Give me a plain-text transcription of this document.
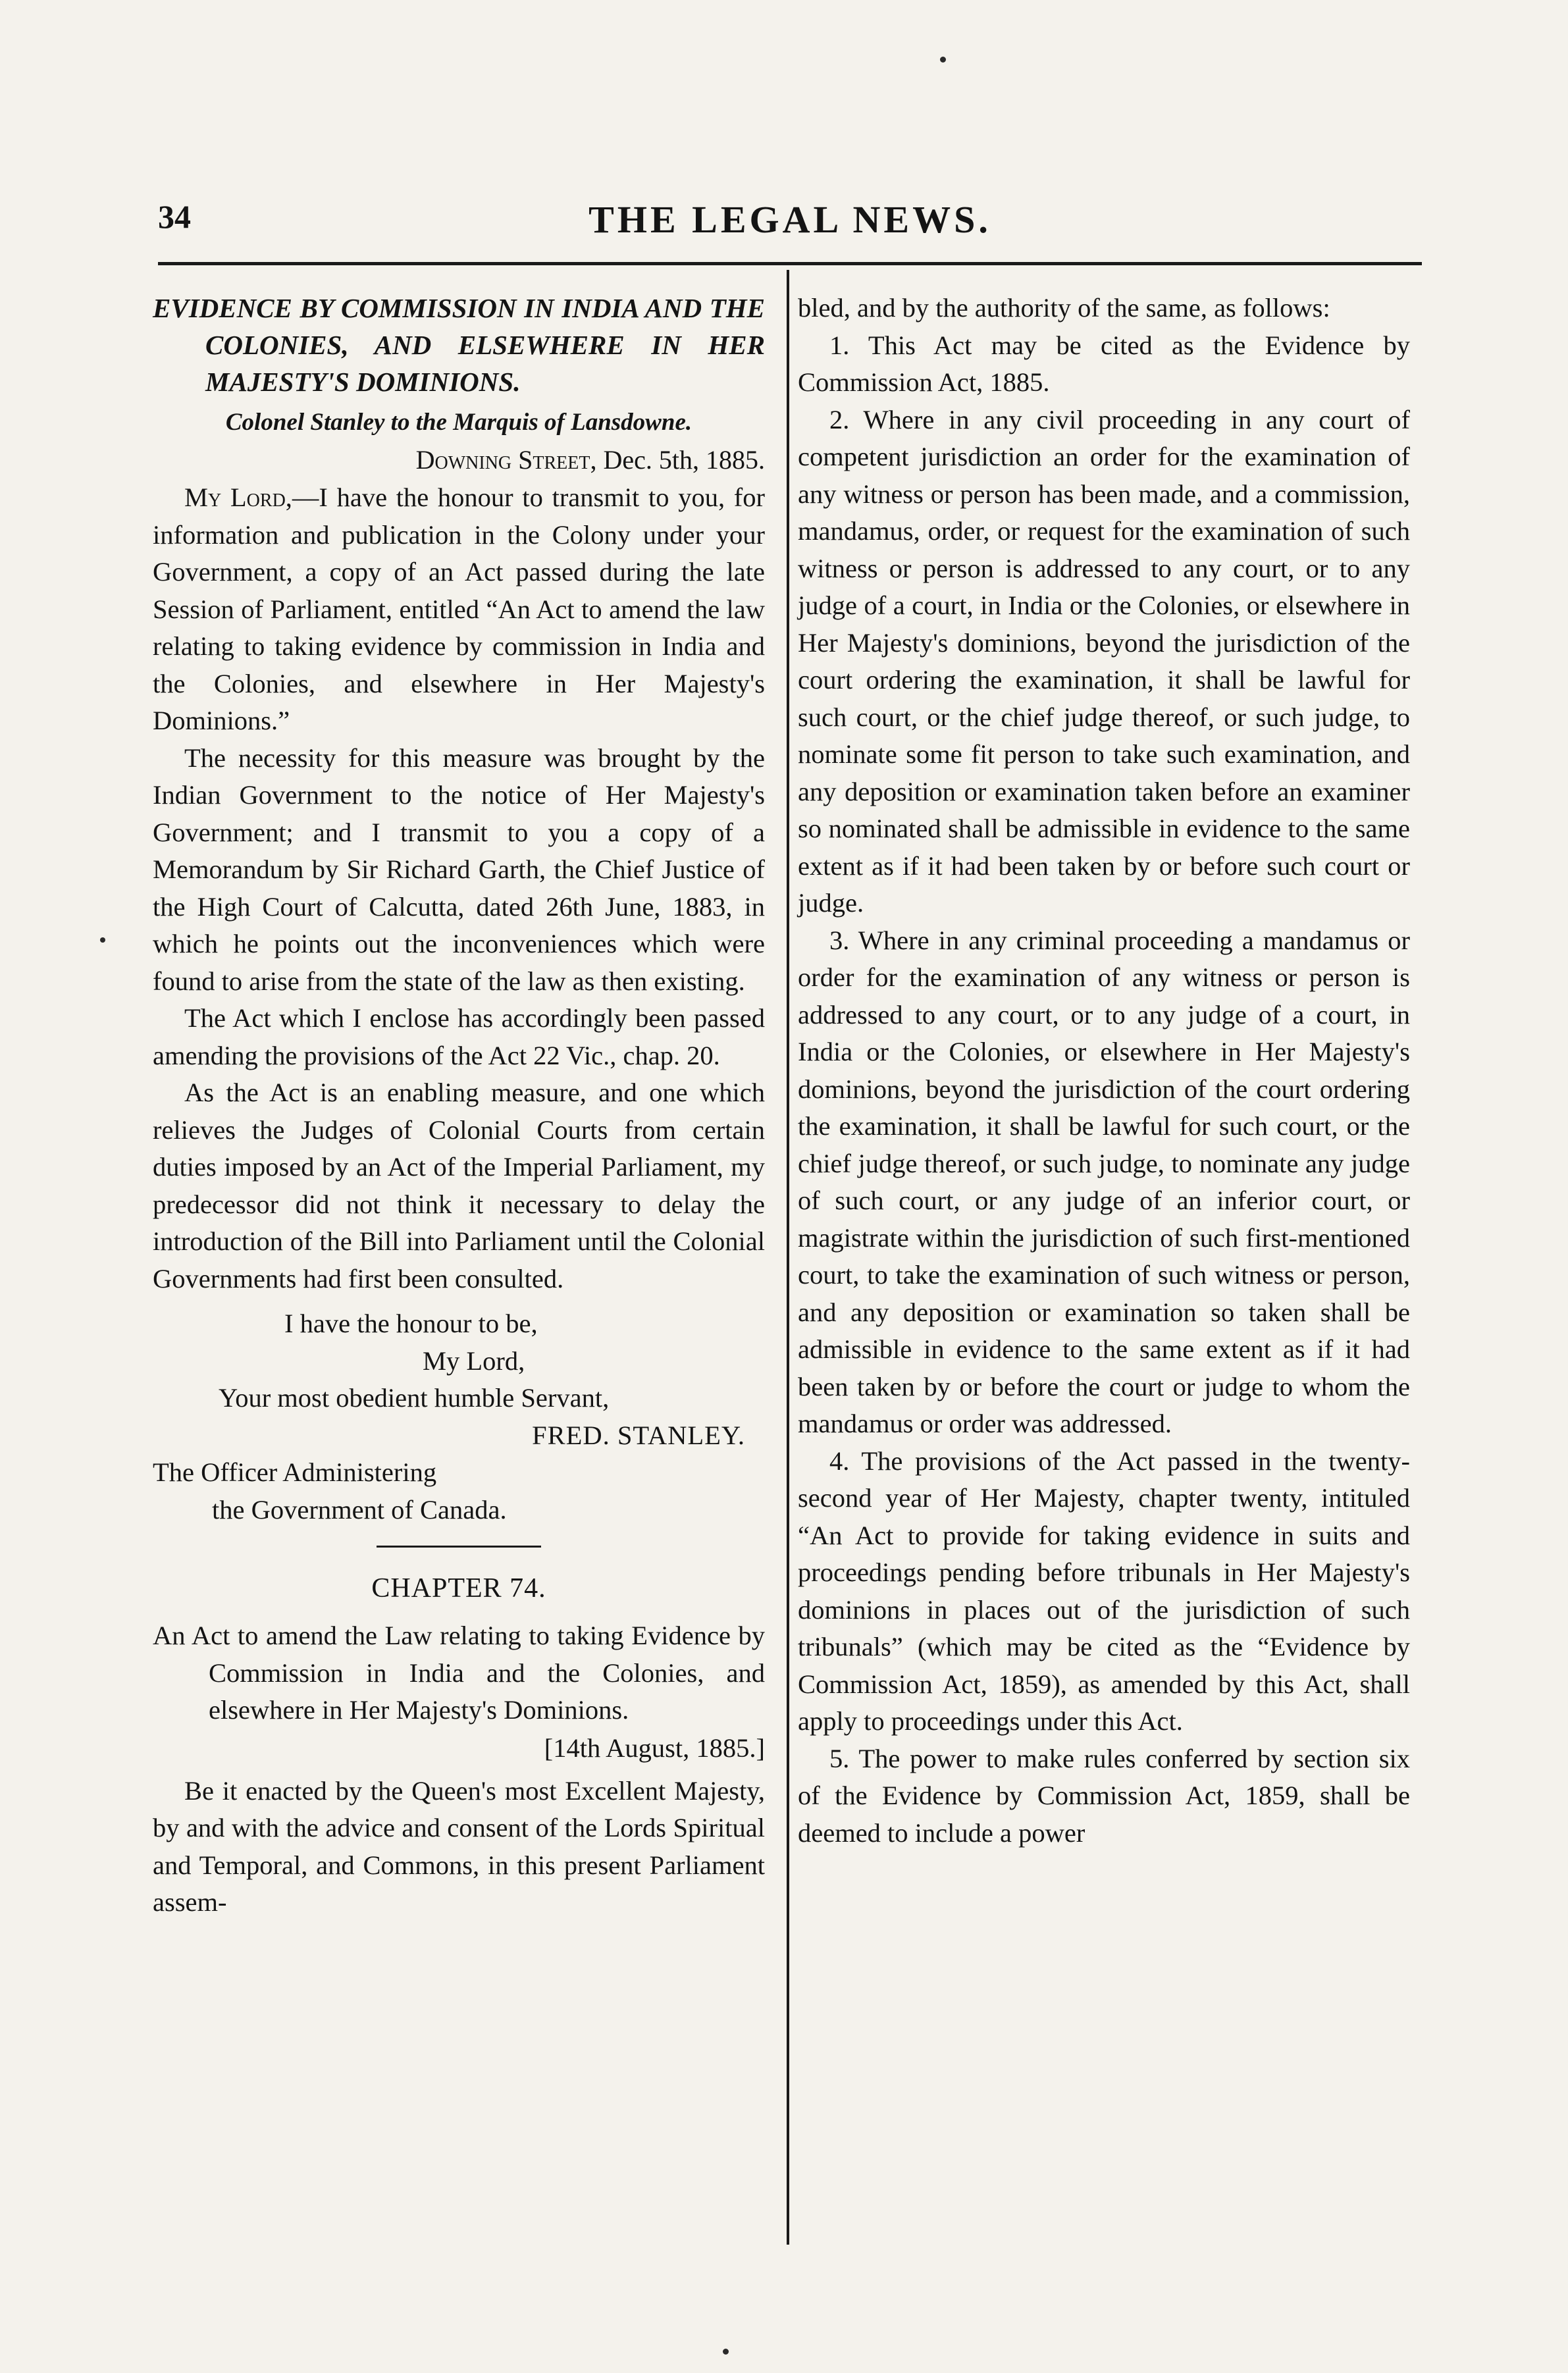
34	THE LEGAL NEWS.

EVIDENCE BY COMMISSION IN INDIA AND THE COLONIES, AND ELSEWHERE IN HER MAJESTY'S DOMINIONS.

Colonel Stanley to the Marquis of Lansdowne.

Downing Street, Dec. 5th, 1885.

My Lord,—I have the honour to transmit to you, for information and publication in the Colony under your Government, a copy of an Act passed during the late Session of Parliament, entitled “An Act to amend the law relating to taking evidence by commission in India and the Colonies, and elsewhere in Her Majesty's Dominions.”

The necessity for this measure was brought by the Indian Government to the notice of Her Majesty's Government; and I transmit to you a copy of a Memorandum by Sir Richard Garth, the Chief Justice of the High Court of Calcutta, dated 26th June, 1883, in which he points out the inconveniences which were found to arise from the state of the law as then existing.

The Act which I enclose has accordingly been passed amending the provisions of the Act 22 Vic., chap. 20.

As the Act is an enabling measure, and one which relieves the Judges of Colonial Courts from certain duties imposed by an Act of the Imperial Parliament, my predecessor did not think it necessary to delay the introduction of the Bill into Parliament until the Colonial Governments had first been consulted.

I have the honour to be,

My Lord,

Your most obedient humble Servant,

FRED. STANLEY.

The Officer Administering

the Government of Canada.

CHAPTER 74.

An Act to amend the Law relating to taking Evidence by Commission in India and the Colonies, and elsewhere in Her Majesty's Dominions.

[14th August, 1885.]

Be it enacted by the Queen's most Excellent Majesty, by and with the advice and consent of the Lords Spiritual and Temporal, and Commons, in this present Parliament assem-

bled, and by the authority of the same, as follows:

1. This Act may be cited as the Evidence by Commission Act, 1885.

2. Where in any civil proceeding in any court of competent jurisdiction an order for the examination of any witness or person has been made, and a commission, mandamus, order, or request for the examination of such witness or person is addressed to any court, or to any judge of a court, in India or the Colonies, or elsewhere in Her Majesty's dominions, beyond the jurisdiction of the court ordering the examination, it shall be lawful for such court, or the chief judge thereof, or such judge, to nominate some fit person to take such examination, and any deposition or examination taken before an examiner so nominated shall be admissible in evidence to the same extent as if it had been taken by or before such court or judge.

3. Where in any criminal proceeding a mandamus or order for the examination of any witness or person is addressed to any court, or to any judge of a court, in India or the Colonies, or elsewhere in Her Majesty's dominions, beyond the jurisdiction of the court ordering the examination, it shall be lawful for such court, or the chief judge thereof, or such judge, to nominate any judge of such court, or any judge of an inferior court, or magistrate within the jurisdiction of such first-mentioned court, to take the examination of such witness or person, and any deposition or examination so taken shall be admissible in evidence to the same extent as if it had been taken by or before the court or judge to whom the mandamus or order was addressed.

4. The provisions of the Act passed in the twenty-second year of Her Majesty, chapter twenty, intituled “An Act to provide for taking evidence in suits and proceedings pending before tribunals in Her Majesty's dominions in places out of the jurisdiction of such tribunals” (which may be cited as the “Evidence by Commission Act, 1859), as amended by this Act, shall apply to proceedings under this Act.

5. The power to make rules conferred by section six of the Evidence by Commission Act, 1859, shall be deemed to include a power
